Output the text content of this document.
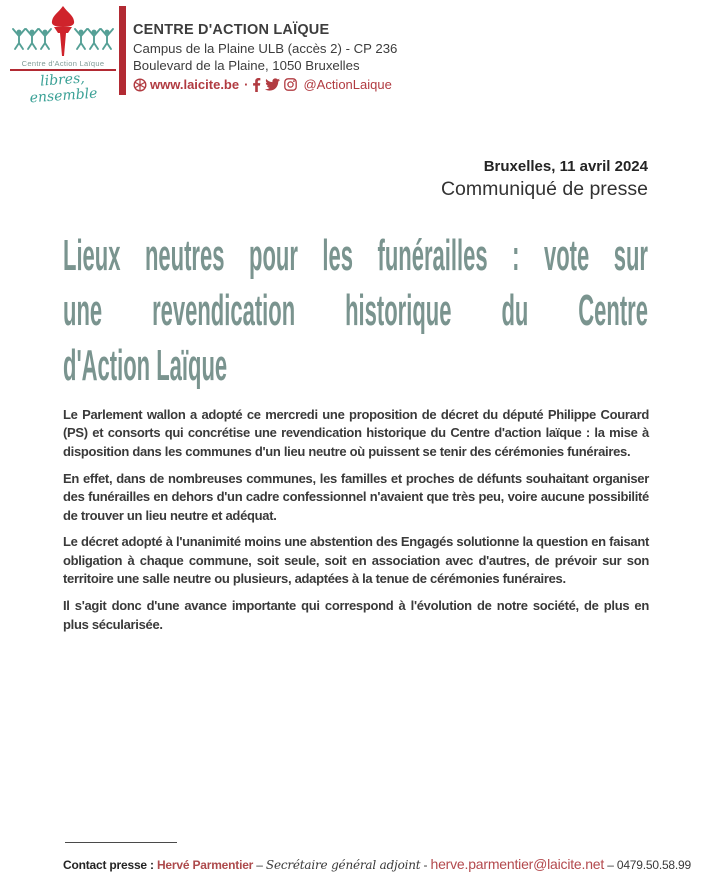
Centre d'Action Laïque
libres, ensemble
CENTRE D'ACTION LAÏQUE
Campus de la Plaine ULB (accès 2) - CP 236
Boulevard de la Plaine, 1050 Bruxelles
www.laicite.be ·	@ActionLaique
Bruxelles, 11 avril 2024
Communiqué de presse
Lieux neutres pour les funérailles : vote sur
une revendication historique du Centre
d'Action Laïque

Le Parlement wallon a adopté ce mercredi une proposition de décret du député Philippe Courard (PS) et consorts qui concrétise une revendication historique du Centre d'action laïque : la mise à disposition dans les communes d'un lieu neutre où puissent se tenir des cérémonies funéraires.

En effet, dans de nombreuses communes, les familles et proches de défunts souhaitant organiser des funérailles en dehors d'un cadre confessionnel n'avaient que très peu, voire aucune possibilité de trouver un lieu neutre et adéquat.

Le décret adopté à l'unanimité moins une abstention des Engagés solutionne la question en faisant obligation à chaque commune, soit seule, soit en association avec d'autres, de prévoir sur son territoire une salle neutre ou plusieurs, adaptées à la tenue de cérémonies funéraires.

Il s'agit donc d'une avance importante qui correspond à l'évolution de notre société, de plus en plus sécularisée.

Contact presse : Hervé Parmentier – Secrétaire général adjoint - herve.parmentier@laicite.net – 0479.50.58.99
